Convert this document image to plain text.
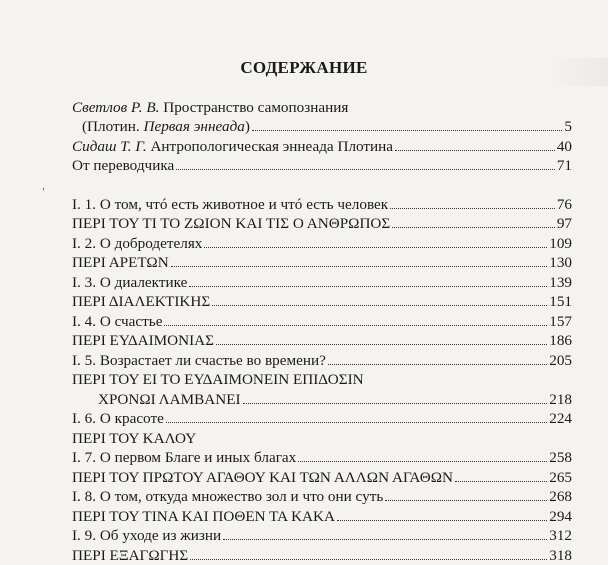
ʻ
СОДЕРЖАНИЕ
Светлов Р. В. Пространство самопознания
(Плотин. Первая эннеада)	5
Сидаш Т. Г. Антропологическая эннеада Плотина	40
От переводчика	71
I. 1. О том, чтó есть животное и чтó есть человек	76
ΠΕΡΙ ΤΟΥ ΤΙ ΤΟ ΖΩΙΟΝ ΚΑΙ ΤΙΣ Ο ΑΝΘΡΩΠΟΣ	97
I. 2. О добродетелях	109
ΠΕΡΙ ΑΡΕΤΩΝ	130
I. 3. О диалектике	139
ΠΕΡΙ ΔΙΑΛΕΚΤΙΚΗΣ	151
I. 4. О счастье	157
ΠΕΡΙ ΕΥΔΑΙΜΟΝΙΑΣ	186
I. 5. Возрастает ли счастье во времени?	205
ΠΕΡΙ ΤΟΥ ΕΙ ΤΟ ΕΥΔΑΙΜΟΝΕΙΝ ΕΠΙΔΟΣΙΝ
ΧΡΟΝΩΙ ΛΑΜΒΑΝΕΙ	218
I. 6. О красоте	224
ΠΕΡΙ ΤΟΥ ΚΑΛΟΥ
I. 7. О первом Благе и иных благах	258
ΠΕΡΙ ΤΟΥ ΠΡΩΤΟΥ ΑΓΑΘΟΥ ΚΑΙ ΤΩΝ ΑΛΛΩΝ ΑΓΑΘΩΝ	265
I. 8. О том, откуда множество зол и что они суть	268
ΠΕΡΙ ΤΟΥ ΤΙΝΑ ΚΑΙ ΠΟΘΕΝ ΤΑ ΚΑΚΑ	294
I. 9. Об уходе из жизни	312
ΠΕΡΙ ΕΞΑΓΩΓΗΣ	318
